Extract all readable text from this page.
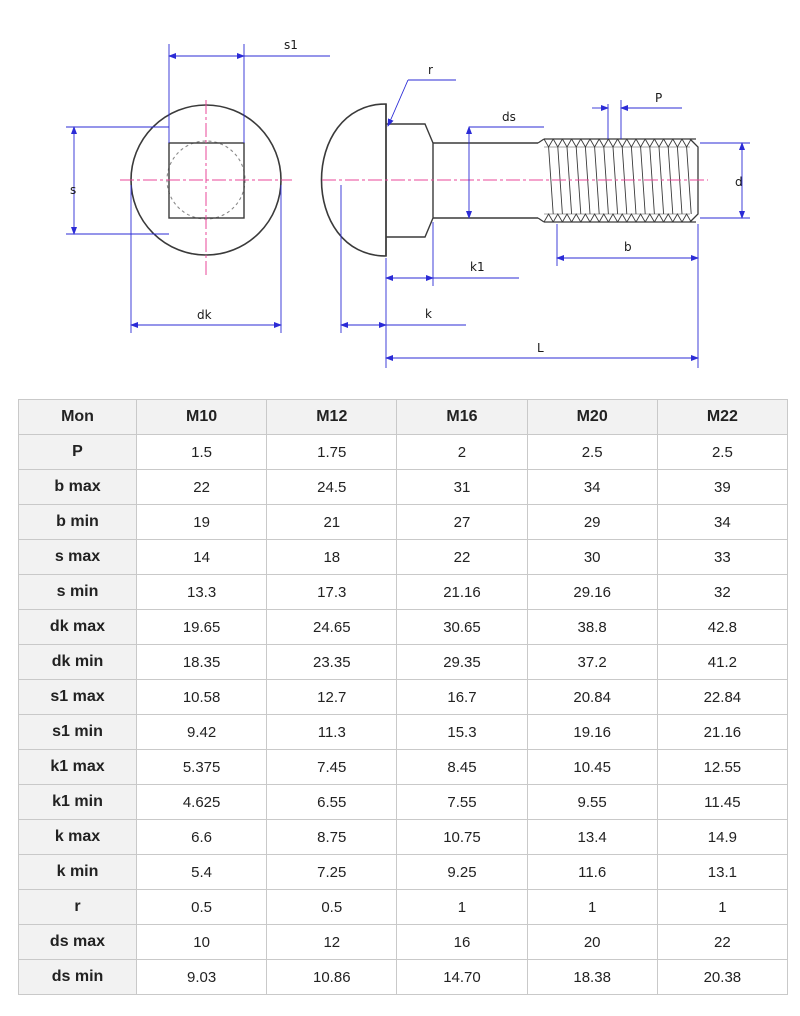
s1
s
dk
r
ds
P
d
b
k1
k
L
Mon	M10	M12	M16	M20	M22
P	1.5	1.75	2	2.5	2.5
b max	22	24.5	31	34	39
b min	19	21	27	29	34
s max	14	18	22	30	33
s min	13.3	17.3	21.16	29.16	32
dk max	19.65	24.65	30.65	38.8	42.8
dk min	18.35	23.35	29.35	37.2	41.2
s1 max	10.58	12.7	16.7	20.84	22.84
s1 min	9.42	11.3	15.3	19.16	21.16
k1 max	5.375	7.45	8.45	10.45	12.55
k1 min	4.625	6.55	7.55	9.55	11.45
k max	6.6	8.75	10.75	13.4	14.9
k min	5.4	7.25	9.25	11.6	13.1
r	0.5	0.5	1	1	1
ds max	10	12	16	20	22
ds min	9.03	10.86	14.70	18.38	20.38
